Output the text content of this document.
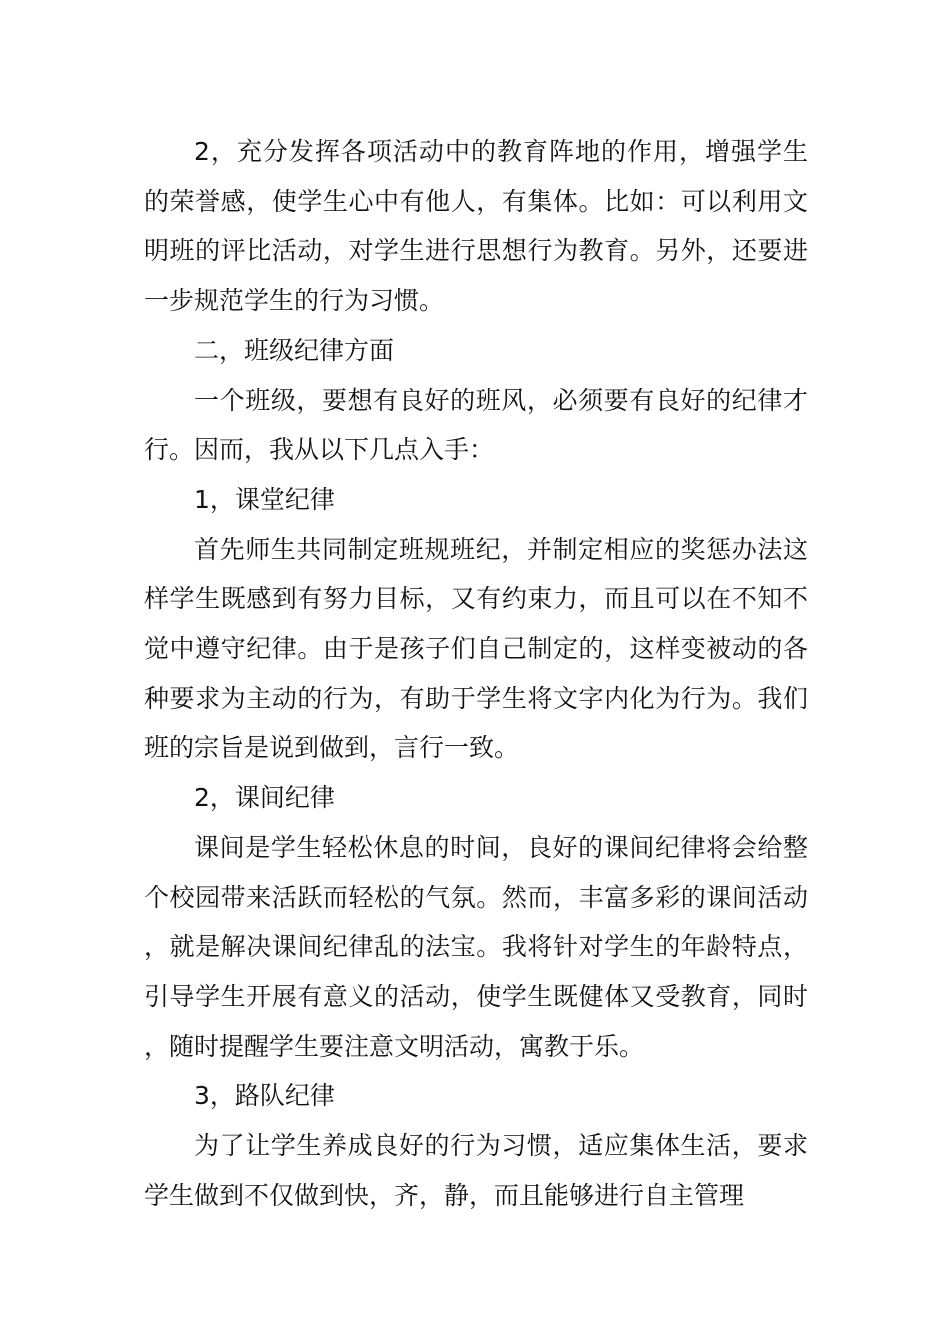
2，充分发挥各项活动中的教育阵地的作用，增强学生的荣誉感，使学生心中有他人，有集体。比如：可以利用文明班的评比活动，对学生进行思想行为教育。另外，还要进一步规范学生的行为习惯。

二，班级纪律方面

一个班级，要想有良好的班风，必须要有良好的纪律才行。因而，我从以下几点入手：

1，课堂纪律

首先师生共同制定班规班纪，并制定相应的奖惩办法这样学生既感到有努力目标，又有约束力，而且可以在不知不觉中遵守纪律。由于是孩子们自己制定的，这样变被动的各种要求为主动的行为，有助于学生将文字内化为行为。我们班的宗旨是说到做到，言行一致。

2，课间纪律

课间是学生轻松休息的时间，良好的课间纪律将会给整个校园带来活跃而轻松的气氛。然而，丰富多彩的课间活动，就是解决课间纪律乱的法宝。我将针对学生的年龄特点，引导学生开展有意义的活动，使学生既健体又受教育，同时，随时提醒学生要注意文明活动，寓教于乐。

3，路队纪律

为了让学生养成良好的行为习惯，适应集体生活，要求学生做到不仅做到快，齐，静，而且能够进行自主管理
